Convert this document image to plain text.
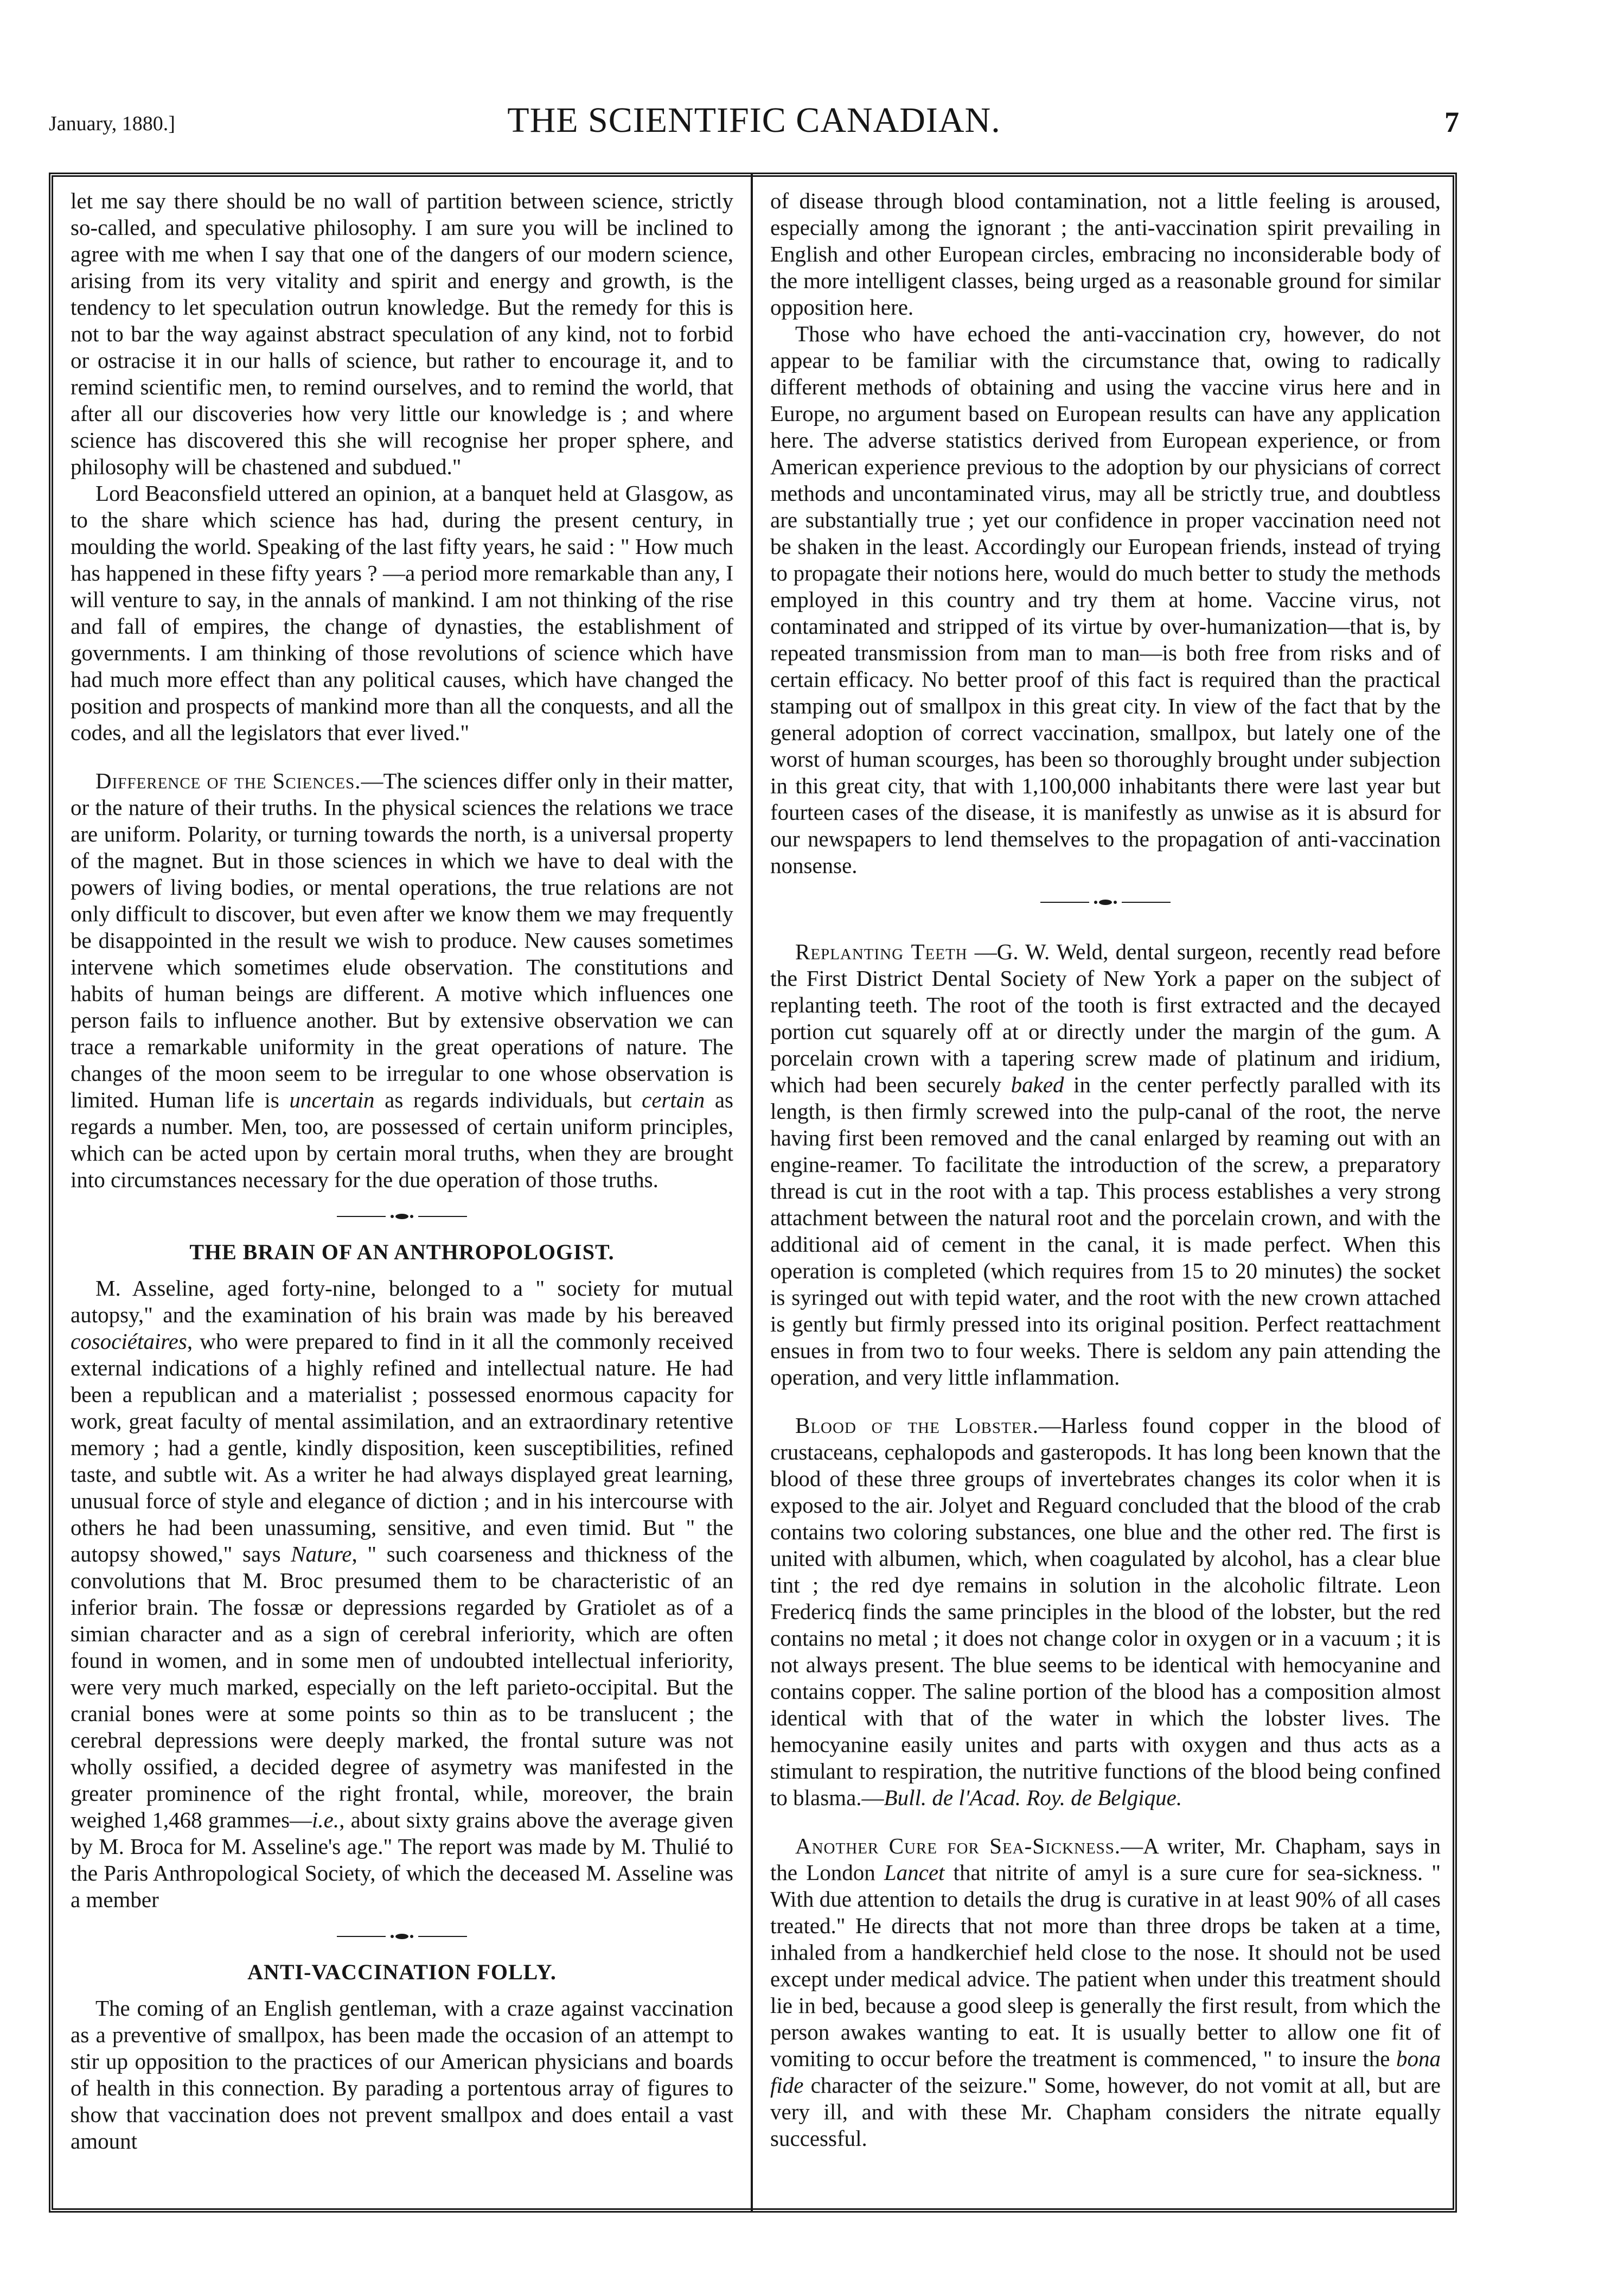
January, 1880.]	THE SCIENTIFIC CANADIAN.	7

let me say there should be no wall of partition between science, strictly so-called, and speculative philosophy. I am sure you will be inclined to agree with me when I say that one of the dangers of our modern science, arising from its very vitality and spirit and energy and growth, is the tendency to let speculation outrun knowledge. But the remedy for this is not to bar the way against abstract speculation of any kind, not to forbid or ostracise it in our halls of science, but rather to encourage it, and to remind scientific men, to remind ourselves, and to remind the world, that after all our discoveries how very little our knowledge is ; and where science has discovered this she will recognise her proper sphere, and philosophy will be chastened and subdued."

Lord Beaconsfield uttered an opinion, at a banquet held at Glasgow, as to the share which science has had, during the present century, in moulding the world. Speaking of the last fifty years, he said : " How much has happened in these fifty years ? —a period more remarkable than any, I will venture to say, in the annals of mankind. I am not thinking of the rise and fall of empires, the change of dynasties, the establishment of governments. I am thinking of those revolutions of science which have had much more effect than any political causes, which have changed the position and prospects of mankind more than all the conquests, and all the codes, and all the legislators that ever lived."

Difference of the Sciences.—The sciences differ only in their matter, or the nature of their truths. In the physical sciences the relations we trace are uniform. Polarity, or turning towards the north, is a universal property of the magnet. But in those sciences in which we have to deal with the powers of living bodies, or mental operations, the true relations are not only difficult to discover, but even after we know them we may frequently be disappointed in the result we wish to produce. New causes sometimes intervene which sometimes elude observation. The constitutions and habits of human beings are different. A motive which influences one person fails to influence another. But by extensive observation we can trace a remarkable uniformity in the great operations of nature. The changes of the moon seem to be irregular to one whose observation is limited. Human life is uncertain as regards individuals, but certain as regards a number. Men, too, are possessed of certain uniform principles, which can be acted upon by certain moral truths, when they are brought into circumstances necessary for the due operation of those truths.

THE BRAIN OF AN ANTHROPOLOGIST.

M. Asseline, aged forty-nine, belonged to a " society for mutual autopsy," and the examination of his brain was made by his bereaved cosociétaires, who were prepared to find in it all the commonly received external indications of a highly refined and intellectual nature. He had been a republican and a materialist ; possessed enormous capacity for work, great faculty of mental assimilation, and an extraordinary retentive memory ; had a gentle, kindly disposition, keen susceptibilities, refined taste, and subtle wit. As a writer he had always displayed great learning, unusual force of style and elegance of diction ; and in his intercourse with others he had been unassuming, sensitive, and even timid. But " the autopsy showed," says Nature, " such coarseness and thickness of the convolutions that M. Broc presumed them to be characteristic of an inferior brain. The fossæ or depressions regarded by Gratiolet as of a simian character and as a sign of cerebral inferiority, which are often found in women, and in some men of undoubted intellectual inferiority, were very much marked, especially on the left parieto-occipital. But the cranial bones were at some points so thin as to be translucent ; the cerebral depressions were deeply marked, the frontal suture was not wholly ossified, a decided degree of asymetry was manifested in the greater prominence of the right frontal, while, moreover, the brain weighed 1,468 grammes—i.e., about sixty grains above the average given by M. Broca for M. Asseline's age." The report was made by M. Thulié to the Paris Anthropological Society, of which the deceased M. Asseline was a member

ANTI-VACCINATION FOLLY.

The coming of an English gentleman, with a craze against vaccination as a preventive of smallpox, has been made the occasion of an attempt to stir up opposition to the practices of our American physicians and boards of health in this connection. By parading a portentous array of figures to show that vaccination does not prevent smallpox and does entail a vast amount

of disease through blood contamination, not a little feeling is aroused, especially among the ignorant ; the anti-vaccination spirit prevailing in English and other European circles, embracing no inconsiderable body of the more intelligent classes, being urged as a reasonable ground for similar opposition here.

Those who have echoed the anti-vaccination cry, however, do not appear to be familiar with the circumstance that, owing to radically different methods of obtaining and using the vaccine virus here and in Europe, no argument based on European results can have any application here. The adverse statistics derived from European experience, or from American experience previous to the adoption by our physicians of correct methods and uncontaminated virus, may all be strictly true, and doubtless are substantially true ; yet our confidence in proper vaccination need not be shaken in the least. Accordingly our European friends, instead of trying to propagate their notions here, would do much better to study the methods employed in this country and try them at home. Vaccine virus, not contaminated and stripped of its virtue by over-humanization—that is, by repeated transmission from man to man—is both free from risks and of certain efficacy. No better proof of this fact is required than the practical stamping out of smallpox in this great city. In view of the fact that by the general adoption of correct vaccination, smallpox, but lately one of the worst of human scourges, has been so thoroughly brought under subjection in this great city, that with 1,100,000 inhabitants there were last year but fourteen cases of the disease, it is manifestly as unwise as it is absurd for our newspapers to lend themselves to the propagation of anti-vaccination nonsense.

Replanting Teeth —G. W. Weld, dental surgeon, recently read before the First District Dental Society of New York a paper on the subject of replanting teeth. The root of the tooth is first extracted and the decayed portion cut squarely off at or directly under the margin of the gum. A porcelain crown with a tapering screw made of platinum and iridium, which had been securely baked in the center perfectly paralled with its length, is then firmly screwed into the pulp-canal of the root, the nerve having first been removed and the canal enlarged by reaming out with an engine-reamer. To facilitate the introduction of the screw, a preparatory thread is cut in the root with a tap. This process establishes a very strong attachment between the natural root and the porcelain crown, and with the additional aid of cement in the canal, it is made perfect. When this operation is completed (which requires from 15 to 20 minutes) the socket is syringed out with tepid water, and the root with the new crown attached is gently but firmly pressed into its original position. Perfect reattachment ensues in from two to four weeks. There is seldom any pain attending the operation, and very little inflammation.

Blood of the Lobster.—Harless found copper in the blood of crustaceans, cephalopods and gasteropods. It has long been known that the blood of these three groups of invertebrates changes its color when it is exposed to the air. Jolyet and Reguard concluded that the blood of the crab contains two coloring substances, one blue and the other red. The first is united with albumen, which, when coagulated by alcohol, has a clear blue tint ; the red dye remains in solution in the alcoholic filtrate. Leon Fredericq finds the same principles in the blood of the lobster, but the red contains no metal ; it does not change color in oxygen or in a vacuum ; it is not always present. The blue seems to be identical with hemocyanine and contains copper. The saline portion of the blood has a composition almost identical with that of the water in which the lobster lives. The hemocyanine easily unites and parts with oxygen and thus acts as a stimulant to respiration, the nutritive functions of the blood being confined to blasma.—Bull. de l'Acad. Roy. de Belgique.

Another Cure for Sea-Sickness.—A writer, Mr. Chapham, says in the London Lancet that nitrite of amyl is a sure cure for sea-sickness. " With due attention to details the drug is curative in at least 90% of all cases treated." He directs that not more than three drops be taken at a time, inhaled from a handkerchief held close to the nose. It should not be used except under medical advice. The patient when under this treatment should lie in bed, because a good sleep is generally the first result, from which the person awakes wanting to eat. It is usually better to allow one fit of vomiting to occur before the treatment is commenced, " to insure the bona fide character of the seizure." Some, however, do not vomit at all, but are very ill, and with these Mr. Chapham considers the nitrate equally successful.
